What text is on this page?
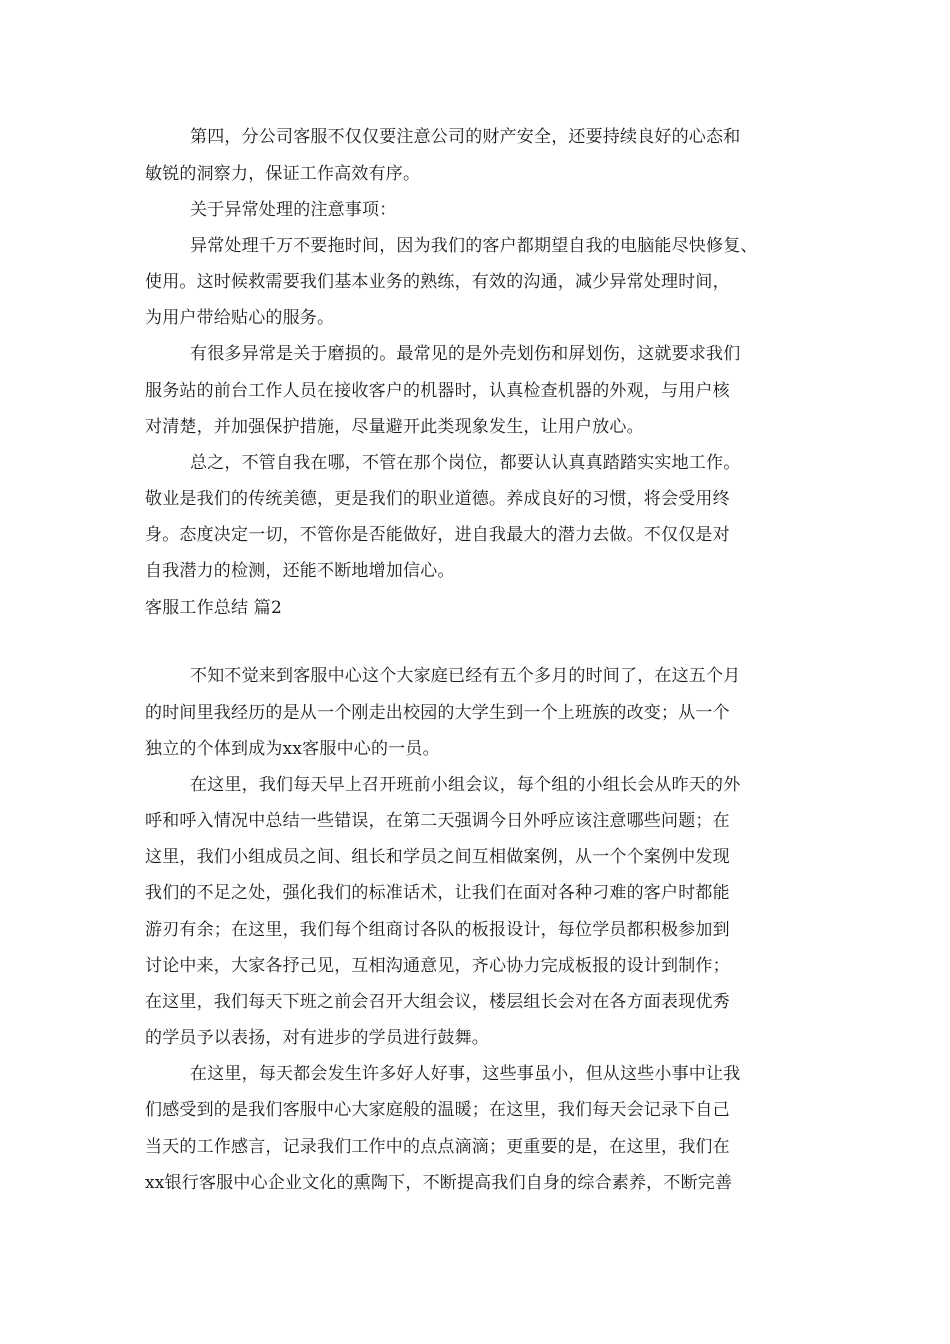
第四，分公司客服不仅仅要注意公司的财产安全，还要持续良好的心态和
敏锐的洞察力，保证工作高效有序。
关于异常处理的注意事项：
异常处理千万不要拖时间，因为我们的客户都期望自我的电脑能尽快修复、
使用。这时候救需要我们基本业务的熟练，有效的沟通，减少异常处理时间，
为用户带给贴心的服务。
有很多异常是关于磨损的。最常见的是外壳划伤和屏划伤，这就要求我们
服务站的前台工作人员在接收客户的机器时，认真检查机器的外观，与用户核
对清楚，并加强保护措施，尽量避开此类现象发生，让用户放心。
总之，不管自我在哪，不管在那个岗位，都要认认真真踏踏实实地工作。
敬业是我们的传统美德，更是我们的职业道德。养成良好的习惯，将会受用终
身。态度决定一切，不管你是否能做好，进自我最大的潜力去做。不仅仅是对
自我潜力的检测，还能不断地增加信心。
客服工作总结 篇2
不知不觉来到客服中心这个大家庭已经有五个多月的时间了，在这五个月
的时间里我经历的是从一个刚走出校园的大学生到一个上班族的改变；从一个
独立的个体到成为xx客服中心的一员。
在这里，我们每天早上召开班前小组会议，每个组的小组长会从昨天的外
呼和呼入情况中总结一些错误，在第二天强调今日外呼应该注意哪些问题；在
这里，我们小组成员之间、组长和学员之间互相做案例，从一个个案例中发现
我们的不足之处，强化我们的标准话术，让我们在面对各种刁难的客户时都能
游刃有余；在这里，我们每个组商讨各队的板报设计，每位学员都积极参加到
讨论中来，大家各抒己见，互相沟通意见，齐心协力完成板报的设计到制作；
在这里，我们每天下班之前会召开大组会议，楼层组长会对在各方面表现优秀
的学员予以表扬，对有进步的学员进行鼓舞。
在这里，每天都会发生许多好人好事，这些事虽小，但从这些小事中让我
们感受到的是我们客服中心大家庭般的温暖；在这里，我们每天会记录下自己
当天的工作感言，记录我们工作中的点点滴滴；更重要的是，在这里，我们在
xx银行客服中心企业文化的熏陶下，不断提高我们自身的综合素养，不断完善
